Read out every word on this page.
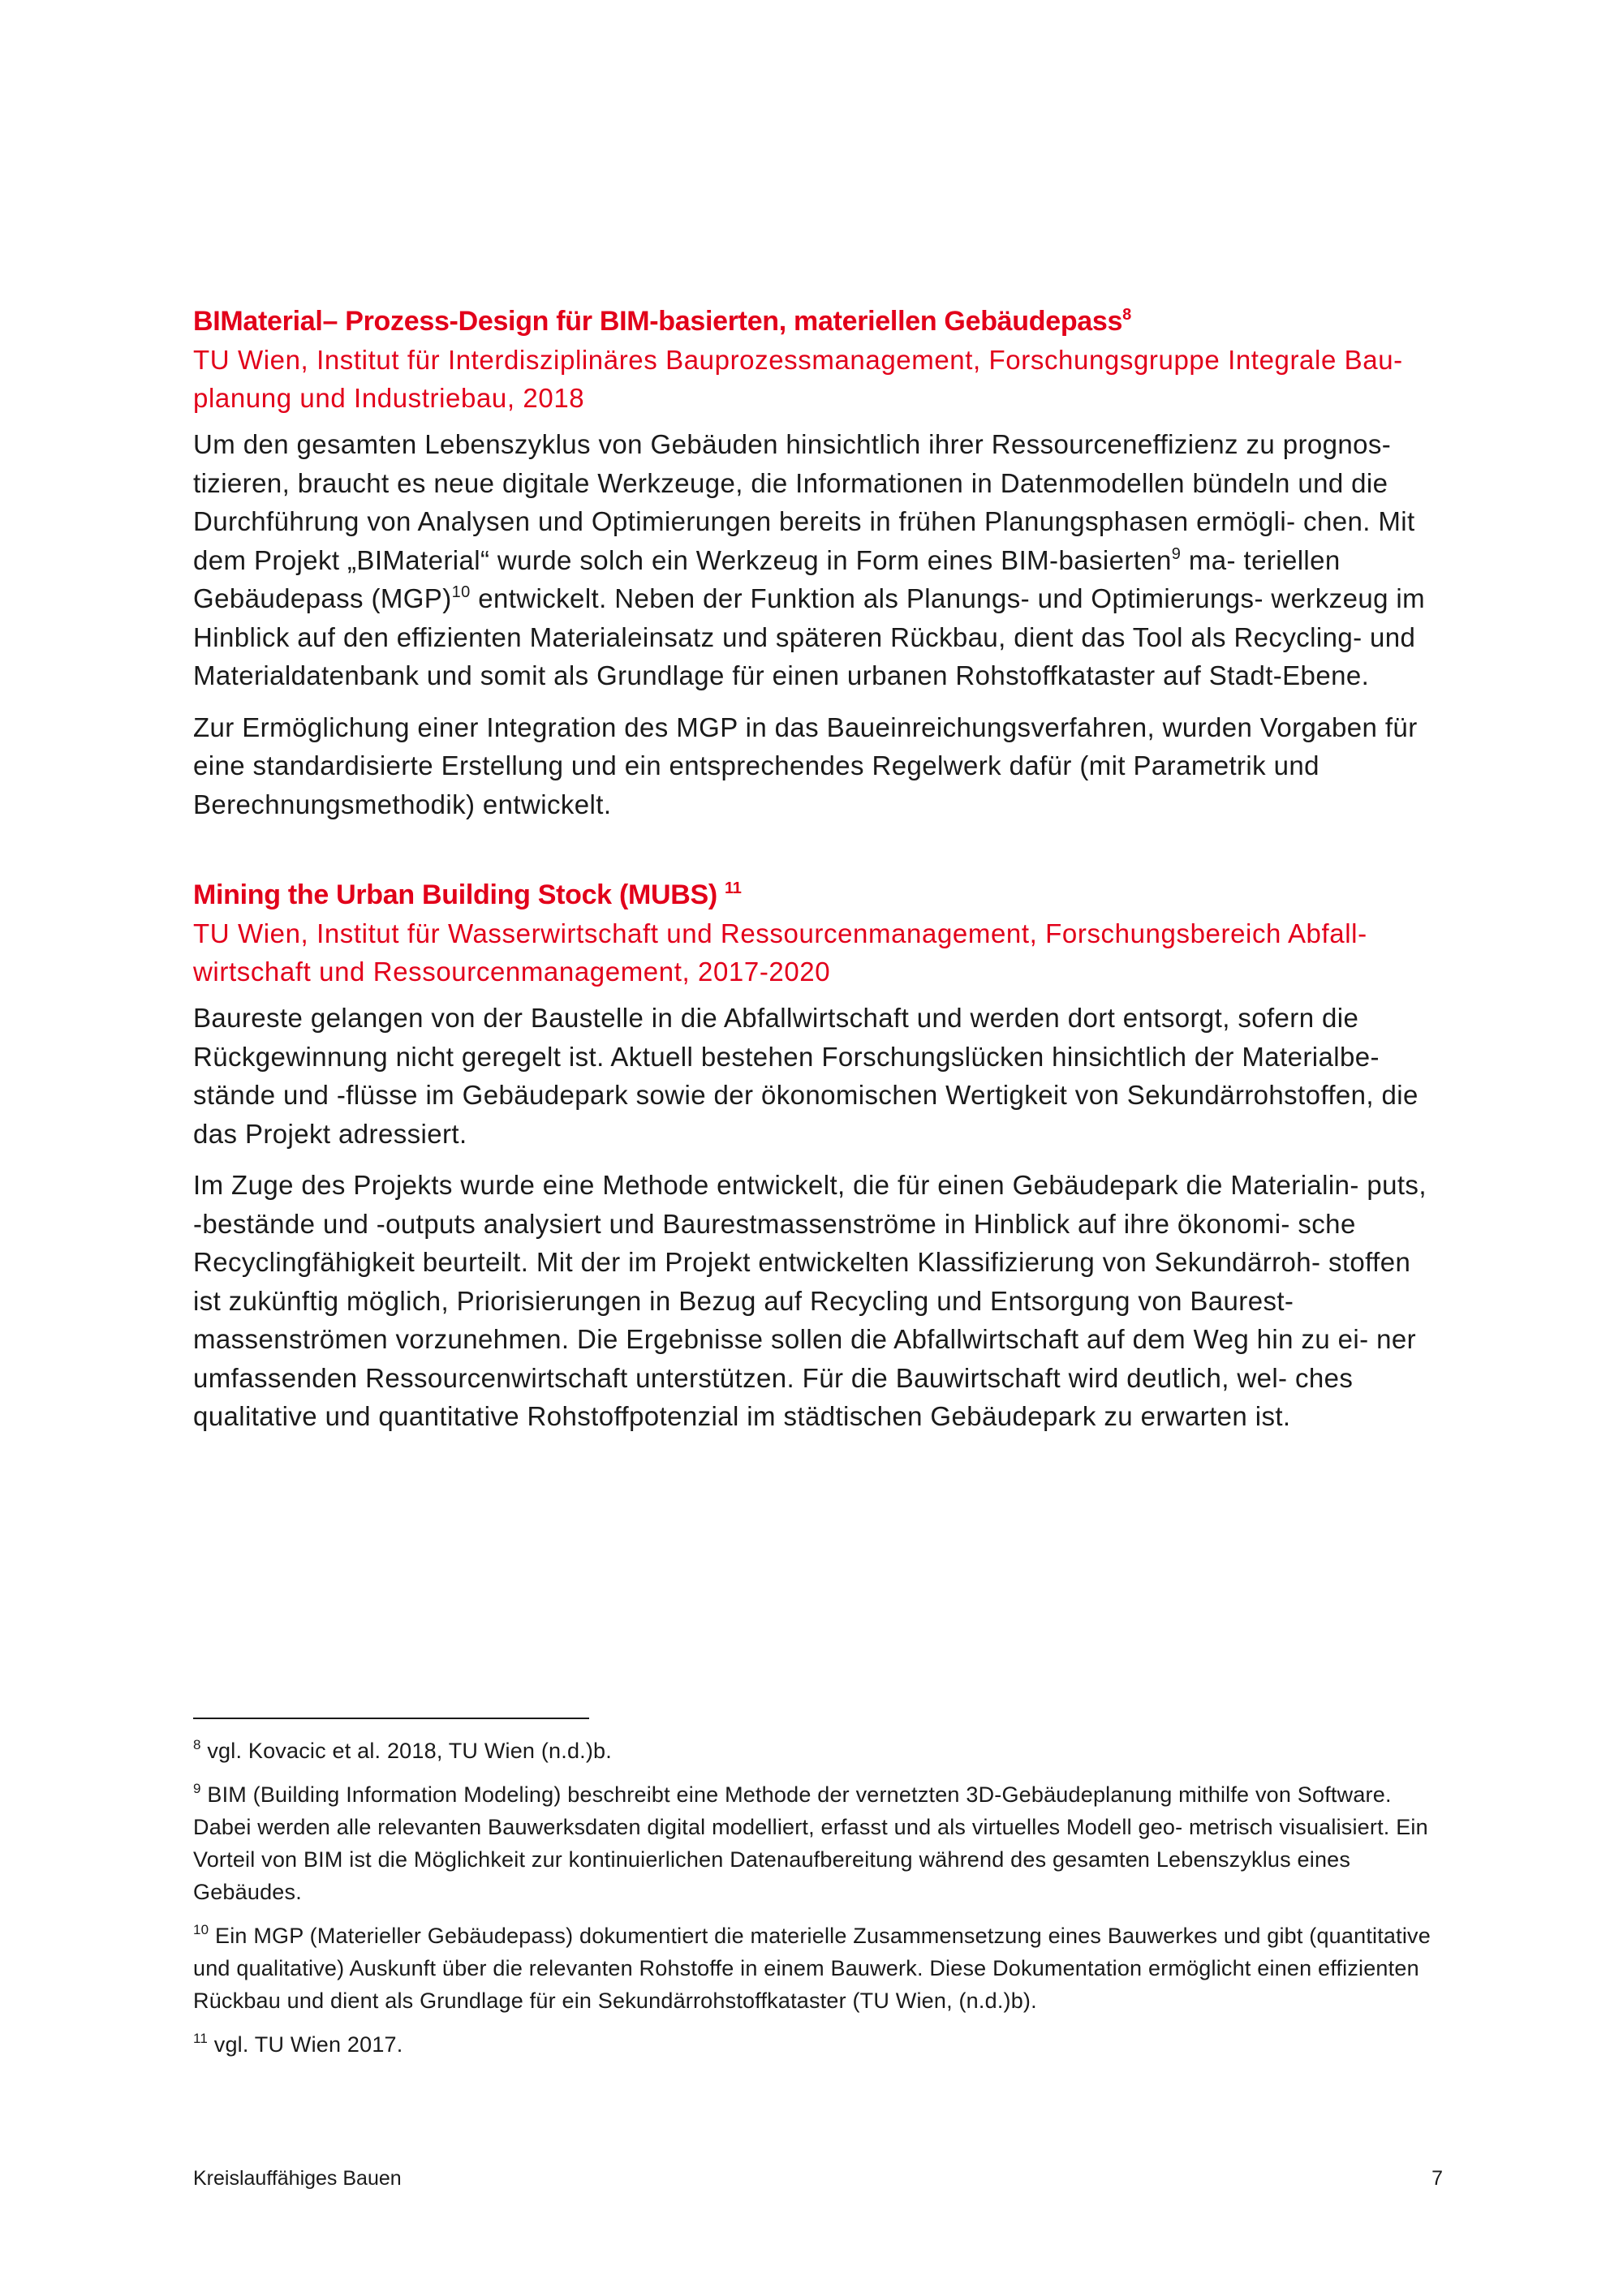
BIMaterial– Prozess-Design für BIM-basierten, materiellen Gebäudepass$^8$

TU Wien, Institut für Interdisziplinäres Bauprozessmanagement, Forschungsgruppe Integrale Bau-
planung und Industriebau, 2018

Um den gesamten Lebenszyklus von Gebäuden hinsichtlich ihrer Ressourceneffizienz zu prognos- tizieren, braucht es neue digitale Werkzeuge, die Informationen in Datenmodellen bündeln und die Durchführung von Analysen und Optimierungen bereits in frühen Planungsphasen ermögli- chen. Mit dem Projekt „BIMaterial“ wurde solch ein Werkzeug in Form eines BIM-basierten$^9$ ma- teriellen Gebäudepass (MGP)$^{10}$ entwickelt. Neben der Funktion als Planungs- und Optimierungs- werkzeug im Hinblick auf den effizienten Materialeinsatz und späteren Rückbau, dient das Tool als Recycling- und Materialdatenbank und somit als Grundlage für einen urbanen Rohstoffkataster auf Stadt-Ebene.

Zur Ermöglichung einer Integration des MGP in das Baueinreichungsverfahren, wurden Vorgaben für eine standardisierte Erstellung und ein entsprechendes Regelwerk dafür (mit Parametrik und Berechnungsmethodik) entwickelt.

Mining the Urban Building Stock (MUBS) $^{11}$

TU Wien, Institut für Wasserwirtschaft und Ressourcenmanagement, Forschungsbereich Abfall-
wirtschaft und Ressourcenmanagement, 2017-2020

Baureste gelangen von der Baustelle in die Abfallwirtschaft und werden dort entsorgt, sofern die Rückgewinnung nicht geregelt ist. Aktuell bestehen Forschungslücken hinsichtlich der Materialbe- stände und -flüsse im Gebäudepark sowie der ökonomischen Wertigkeit von Sekundärrohstoffen, die das Projekt adressiert.

Im Zuge des Projekts wurde eine Methode entwickelt, die für einen Gebäudepark die Materialin- puts, -bestände und -outputs analysiert und Baurestmassenströme in Hinblick auf ihre ökonomi- sche Recyclingfähigkeit beurteilt. Mit der im Projekt entwickelten Klassifizierung von Sekundärroh- stoffen ist zukünftig möglich, Priorisierungen in Bezug auf Recycling und Entsorgung von Baurest- massenströmen vorzunehmen. Die Ergebnisse sollen die Abfallwirtschaft auf dem Weg hin zu ei- ner umfassenden Ressourcenwirtschaft unterstützen. Für die Bauwirtschaft wird deutlich, wel- ches qualitative und quantitative Rohstoffpotenzial im städtischen Gebäudepark zu erwarten ist.

$^8$ vgl. Kovacic et al. 2018, TU Wien (n.d.)b.

$^9$ BIM (Building Information Modeling) beschreibt eine Methode der vernetzten 3D-Gebäudeplanung mithilfe von Software. Dabei werden alle relevanten Bauwerksdaten digital modelliert, erfasst und als virtuelles Modell geo- metrisch visualisiert. Ein Vorteil von BIM ist die Möglichkeit zur kontinuierlichen Datenaufbereitung während des gesamten Lebenszyklus eines Gebäudes.

$^{10}$ Ein MGP (Materieller Gebäudepass) dokumentiert die materielle Zusammensetzung eines Bauwerkes und gibt (quantitative und qualitative) Auskunft über die relevanten Rohstoffe in einem Bauwerk. Diese Dokumentation ermöglicht einen effizienten Rückbau und dient als Grundlage für ein Sekundärrohstoffkataster (TU Wien, (n.d.)b).

$^{11}$ vgl. TU Wien 2017.

Kreislauffähiges Bauen	7
